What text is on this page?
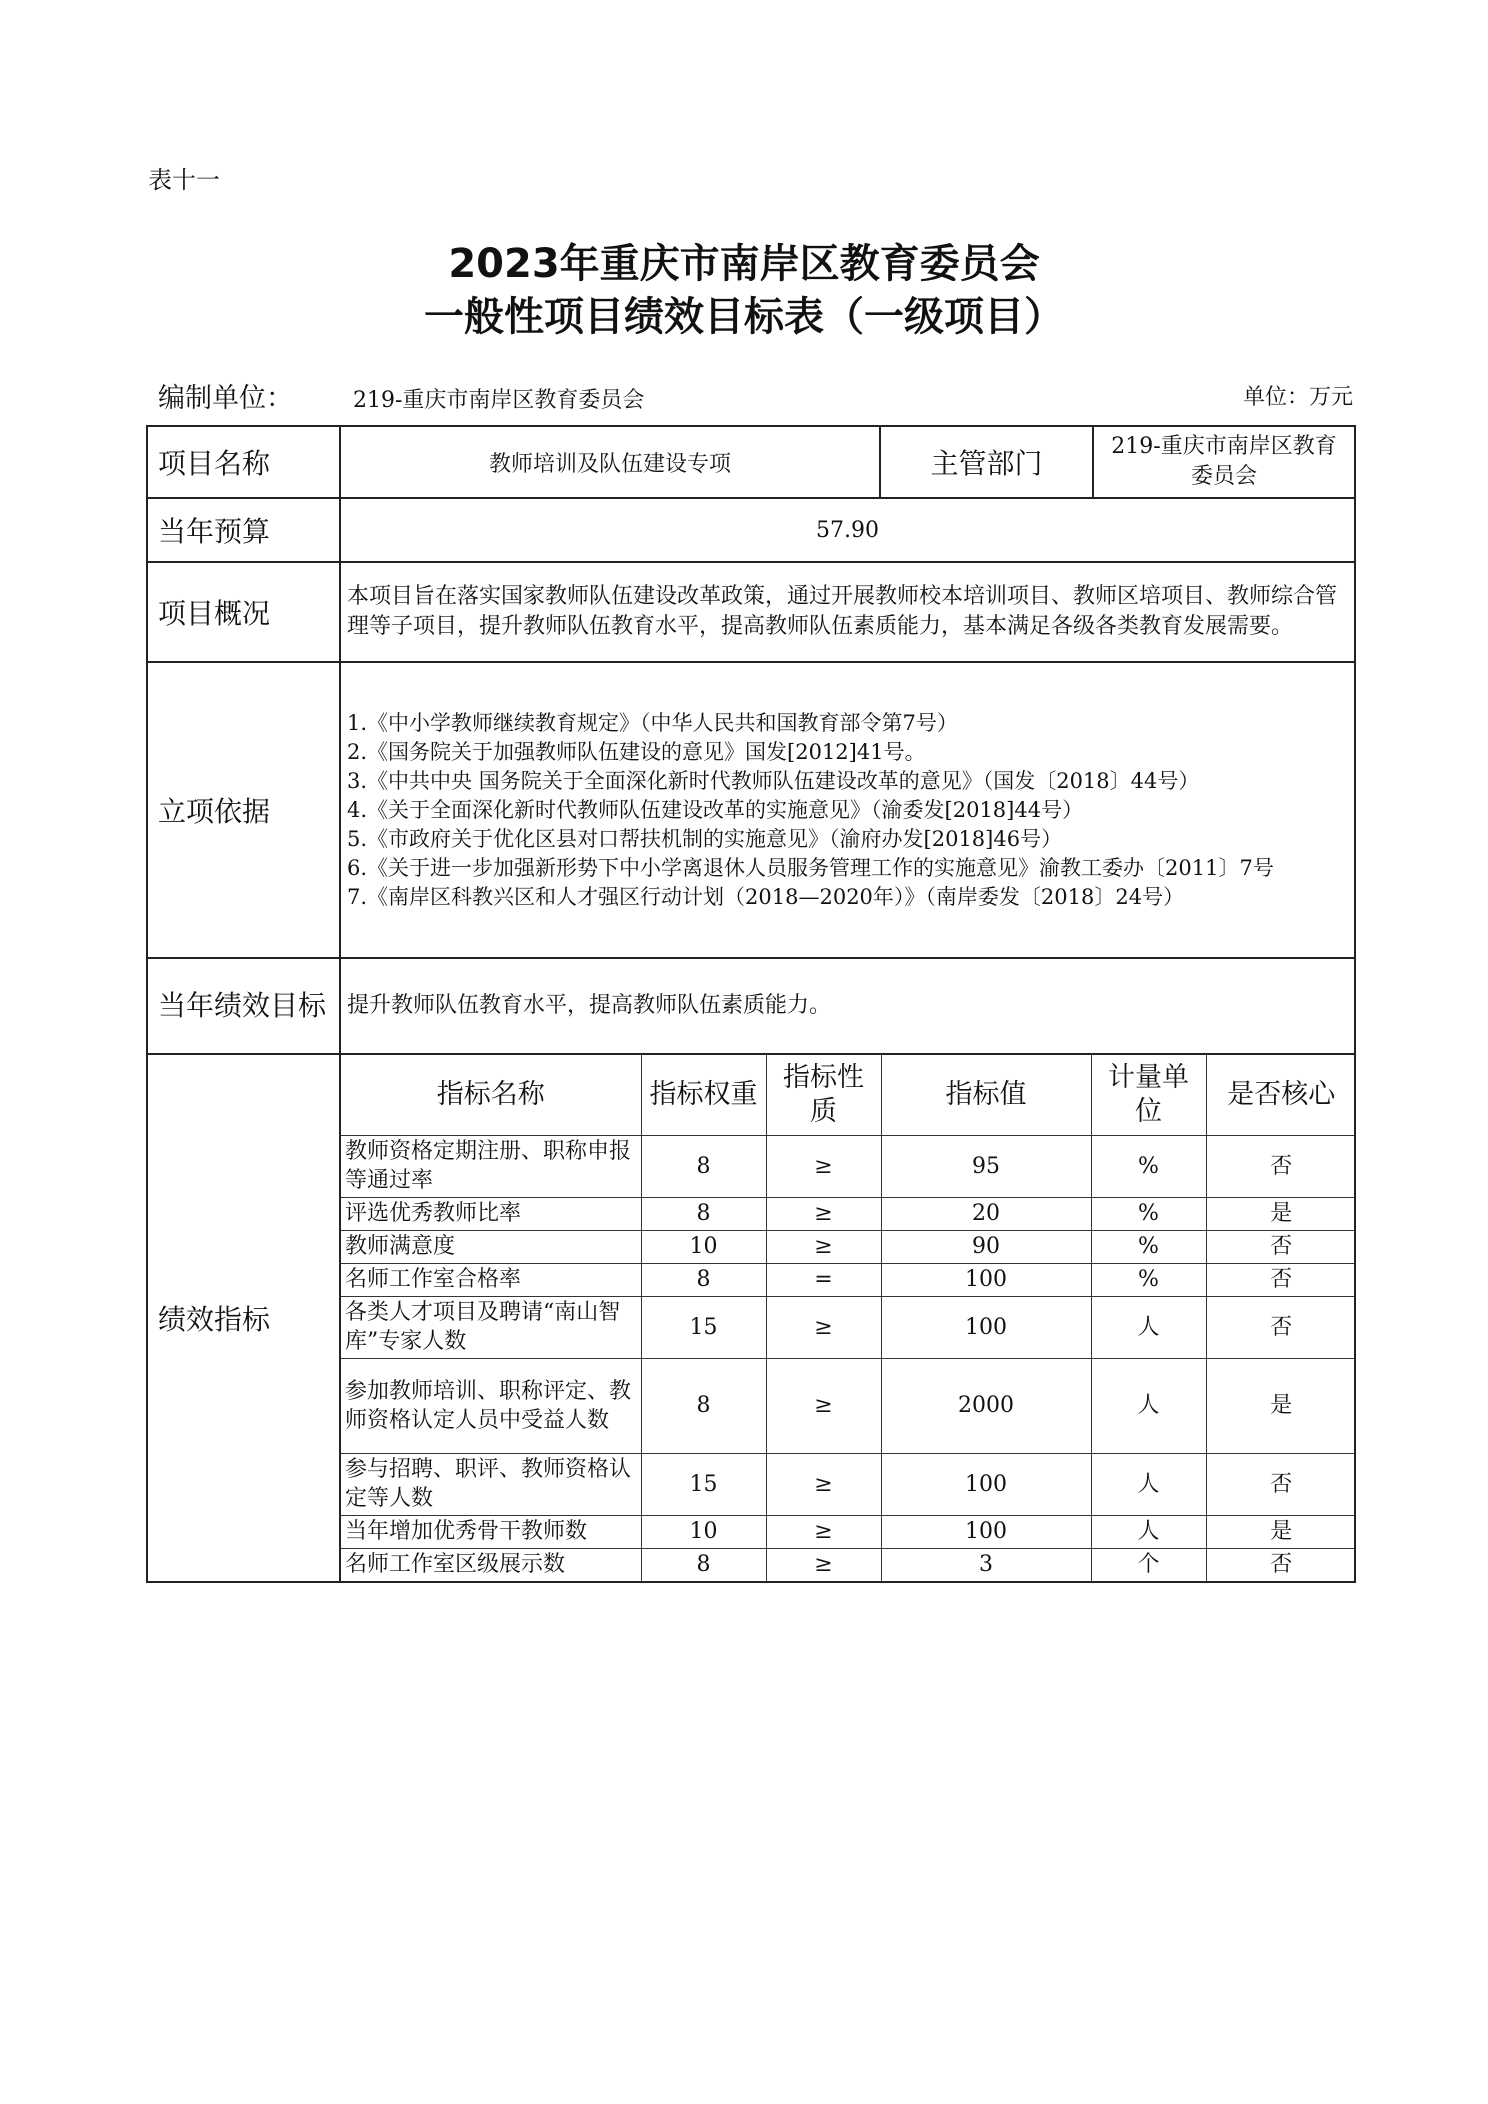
表十一
2023年重庆市南岸区教育委员会
一般性项目绩效目标表（一级项目）
编制单位：	219-重庆市南岸区教育委员会	单位：万元
项目名称	教师培训及队伍建设专项	主管部门	219-重庆市南岸区教育委员会
当年预算	57.90
项目概况	本项目旨在落实国家教师队伍建设改革政策，通过开展教师校本培训项目、教师区培项目、教师综合管理等子项目，提升教师队伍教育水平，提高教师队伍素质能力，基本满足各级各类教育发展需要。
立项依据	
1.《中小学教师继续教育规定》（中华人民共和国教育部令第7号）
2.《国务院关于加强教师队伍建设的意见》国发[2012]41号。
3.《中共中央 国务院关于全面深化新时代教师队伍建设改革的意见》（国发〔2018〕44号）
4.《关于全面深化新时代教师队伍建设改革的实施意见》（渝委发[2018]44号）
5.《市政府关于优化区县对口帮扶机制的实施意见》（渝府办发[2018]46号）
6.《关于进一步加强新形势下中小学离退休人员服务管理工作的实施意见》渝教工委办〔2011〕7号
7.《南岸区科教兴区和人才强区行动计划（2018—2020年）》（南岸委发〔2018〕24号）

当年绩效目标	提升教师队伍教育水平，提高教师队伍素质能力。
绩效指标	
指标名称	指标权重	指标性质	指标值	计量单位	是否核心
教师资格定期注册、职称申报等通过率	8	≥	95	%	否
评选优秀教师比率	8	≥	20	%	是
教师满意度	10	≥	90	%	否
名师工作室合格率	8	=	100	%	否
各类人才项目及聘请“南山智库”专家人数	15	≥	100	人	否
参加教师培训、职称评定、教师资格认定人员中受益人数	8	≥	2000	人	是
参与招聘、职评、教师资格认定等人数	15	≥	100	人	否
当年增加优秀骨干教师数	10	≥	100	人	是
名师工作室区级展示数	8	≥	3	个	否
